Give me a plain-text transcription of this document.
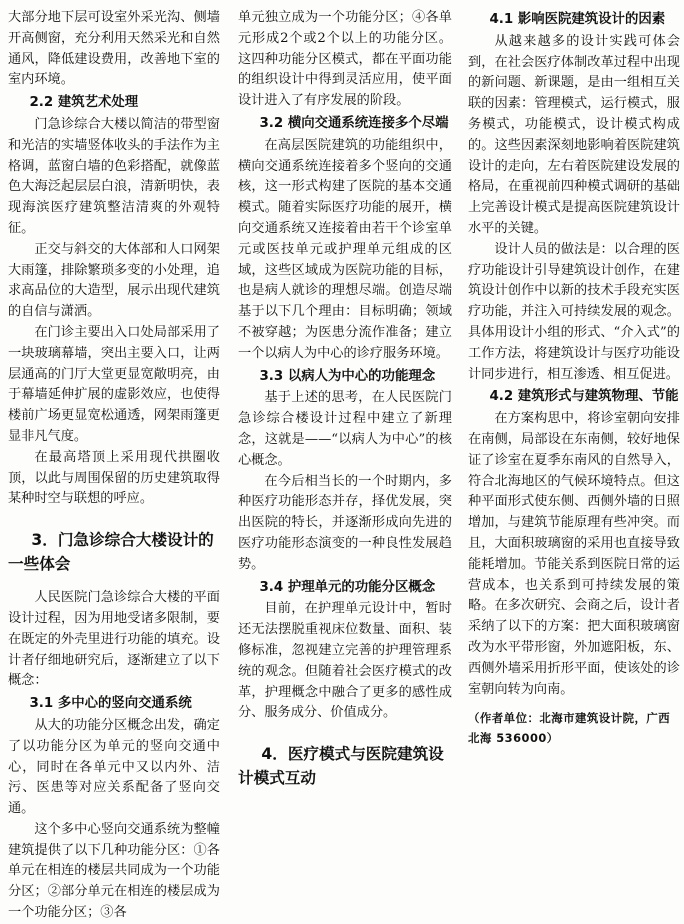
大部分地下层可设室外采光沟、侧墙开高侧窗，充分利用天然采光和自然通风，降低建设费用，改善地下室的室内环境。

2.2 建筑艺术处理

门急诊综合大楼以简洁的带型窗和光洁的实墙竖体收头的手法作为主格调，蓝窗白墙的色彩搭配，就像蓝色大海泛起层层白浪，清新明快，表现海滨医疗建筑整洁清爽的外观特征。

正交与斜交的大体部和人口网架大雨篷，排除繁琐多变的小处理，追求高品位的大造型，展示出现代建筑的自信与潇洒。

在门诊主要出入口处局部采用了一块玻璃幕墙，突出主要入口，让两层通高的门厅大堂更显宽敞明亮，由于幕墙延伸扩展的虚影效应，也使得楼前广场更显宽松通透，网架雨篷更显非凡气度。

在最高塔顶上采用现代拱圈收顶，以此与周围保留的历史建筑取得某种时空与联想的呼应。

3．门急诊综合大楼设计的一些体会

人民医院门急诊综合大楼的平面设计过程，因为用地受诸多限制，要在既定的外壳里进行功能的填充。设计者仔细地研究后，逐渐建立了以下概念：

3.1 多中心的竖向交通系统

从大的功能分区概念出发，确定了以功能分区为单元的竖向交通中心，同时在各单元中又以内外、洁污、医患等对应关系配备了竖向交通。

这个多中心竖向交通系统为整幢建筑提供了以下几种功能分区：①各单元在相连的楼层共同成为一个功能分区；②部分单元在相连的楼层成为一个功能分区；③各

单元独立成为一个功能分区；④各单元形成2个或2个以上的功能分区。这四种功能分区模式，都在平面功能的组织设计中得到灵活应用，使平面设计进入了有序发展的阶段。

3.2 横向交通系统连接多个尽端

在高层医院建筑的功能组织中，横向交通系统连接着多个竖向的交通核，这一形式构建了医院的基本交通模式。随着实际医疗功能的展开，横向交通系统又连接着由若干个诊室单元或医技单元或护理单元组成的区域，这些区域成为医院功能的目标，也是病人就诊的理想尽端。创造尽端基于以下几个理由：目标明确；领域不被穿越；为医患分流作准备；建立一个以病人为中心的诊疗服务环境。

3.3 以病人为中心的功能理念

基于上述的思考，在人民医院门急诊综合楼设计过程中建立了新理念，这就是——“以病人为中心”的核心概念。

在今后相当长的一个时期内，多种医疗功能形态并存，择优发展，突出医院的特长，并逐渐形成向先进的医疗功能形态演变的一种良性发展趋势。

3.4 护理单元的功能分区概念

目前，在护理单元设计中，暂时还无法摆脱重视床位数量、面积、装修标准，忽视建立完善的护理管理系统的观念。但随着社会医疗模式的改革，护理概念中融合了更多的感性成分、服务成分、价值成分。

4．医疗模式与医院建筑设计模式互动
4.1 影响医院建筑设计的因素

从越来越多的设计实践可体会到，在社会医疗体制改革过程中出现的新问题、新课题，是由一组相互关联的因素：管理模式，运行模式，服务模式，功能模式，设计模式构成的。这些因素深刻地影响着医院建筑设计的走向，左右着医院建设发展的格局，在重视前四种模式调研的基础上完善设计模式是提高医院建筑设计水平的关键。

设计人员的做法是：以合理的医疗功能设计引导建筑设计创作，在建筑设计创作中以新的技术手段充实医疗功能，并注入可持续发展的观念。具体用设计小组的形式、“介入式”的工作方法，将建筑设计与医疗功能设计同步进行，相互渗透、相互促进。

4.2 建筑形式与建筑物理、节能

在方案构思中，将诊室朝向安排在南侧，局部设在东南侧，较好地保证了诊室在夏季东南风的自然导入，符合北海地区的气候环境特点。但这种平面形式使东侧、西侧外墙的日照增加，与建筑节能原理有些冲突。而且，大面积玻璃窗的采用也直接导致能耗增加。节能关系到医院日常的运营成本，也关系到可持续发展的策略。在多次研究、会商之后，设计者采纳了以下的方案：把大面积玻璃窗改为水平带形窗，外加遮阳板，东、西侧外墙采用折形平面，使该处的诊室朝向转为向南。

（作者单位：北海市建筑设计院，广西 北海 536000）
